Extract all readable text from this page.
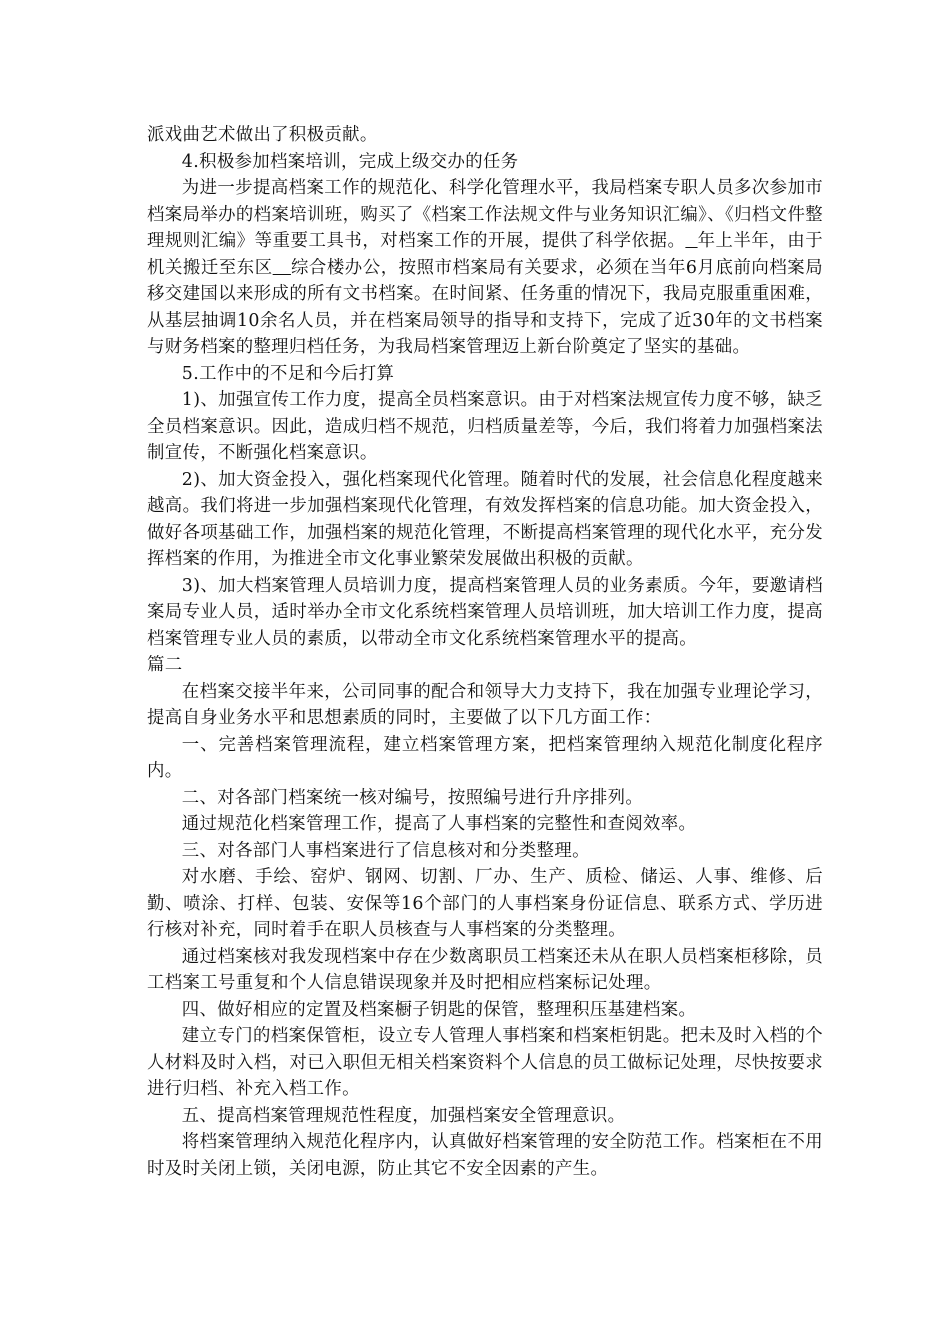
派戏曲艺术做出了积极贡献。

4.积极参加档案培训，完成上级交办的任务

为进一步提高档案工作的规范化、科学化管理水平，我局档案专职人员多次参加市档案局举办的档案培训班，购买了《档案工作法规文件与业务知识汇编》、《归档文件整理规则汇编》等重要工具书，对档案工作的开展，提供了科学依据。 年上半年，由于机关搬迁至东区 综合楼办公，按照市档案局有关要求，必须在当年6月底前向档案局移交建国以来形成的所有文书档案。在时间紧、任务重的情况下，我局克服重重困难，从基层抽调10余名人员，并在档案局领导的指导和支持下，完成了近30年的文书档案与财务档案的整理归档任务，为我局档案管理迈上新台阶奠定了坚实的基础。

5.工作中的不足和今后打算

1)、加强宣传工作力度，提高全员档案意识。由于对档案法规宣传力度不够，缺乏全员档案意识。因此，造成归档不规范，归档质量差等，今后，我们将着力加强档案法制宣传，不断强化档案意识。

2)、加大资金投入，强化档案现代化管理。随着时代的发展，社会信息化程度越来越高。我们将进一步加强档案现代化管理，有效发挥档案的信息功能。加大资金投入，做好各项基础工作，加强档案的规范化管理，不断提高档案管理的现代化水平，充分发挥档案的作用，为推进全市文化事业繁荣发展做出积极的贡献。

3)、加大档案管理人员培训力度，提高档案管理人员的业务素质。今年，要邀请档案局专业人员，适时举办全市文化系统档案管理人员培训班，加大培训工作力度，提高档案管理专业人员的素质，以带动全市文化系统档案管理水平的提高。

篇二

在档案交接半年来，公司同事的配合和领导大力支持下，我在加强专业理论学习，提高自身业务水平和思想素质的同时，主要做了以下几方面工作：

一、完善档案管理流程，建立档案管理方案，把档案管理纳入规范化制度化程序内。

二、对各部门档案统一核对编号，按照编号进行升序排列。

通过规范化档案管理工作，提高了人事档案的完整性和查阅效率。

三、对各部门人事档案进行了信息核对和分类整理。

对水磨、手绘、窑炉、钢网、切割、厂办、生产、质检、储运、人事、维修、后勤、喷涂、打样、包装、安保等16个部门的人事档案身份证信息、联系方式、学历进行核对补充，同时着手在职人员核查与人事档案的分类整理。

通过档案核对我发现档案中存在少数离职员工档案还未从在职人员档案柜移除，员工档案工号重复和个人信息错误现象并及时把相应档案标记处理。

四、做好相应的定置及档案橱子钥匙的保管，整理积压基建档案。

建立专门的档案保管柜，设立专人管理人事档案和档案柜钥匙。把未及时入档的个人材料及时入档，对已入职但无相关档案资料个人信息的员工做标记处理，尽快按要求进行归档、补充入档工作。

五、提高档案管理规范性程度，加强档案安全管理意识。

将档案管理纳入规范化程序内，认真做好档案管理的安全防范工作。档案柜在不用时及时关闭上锁，关闭电源，防止其它不安全因素的产生。
